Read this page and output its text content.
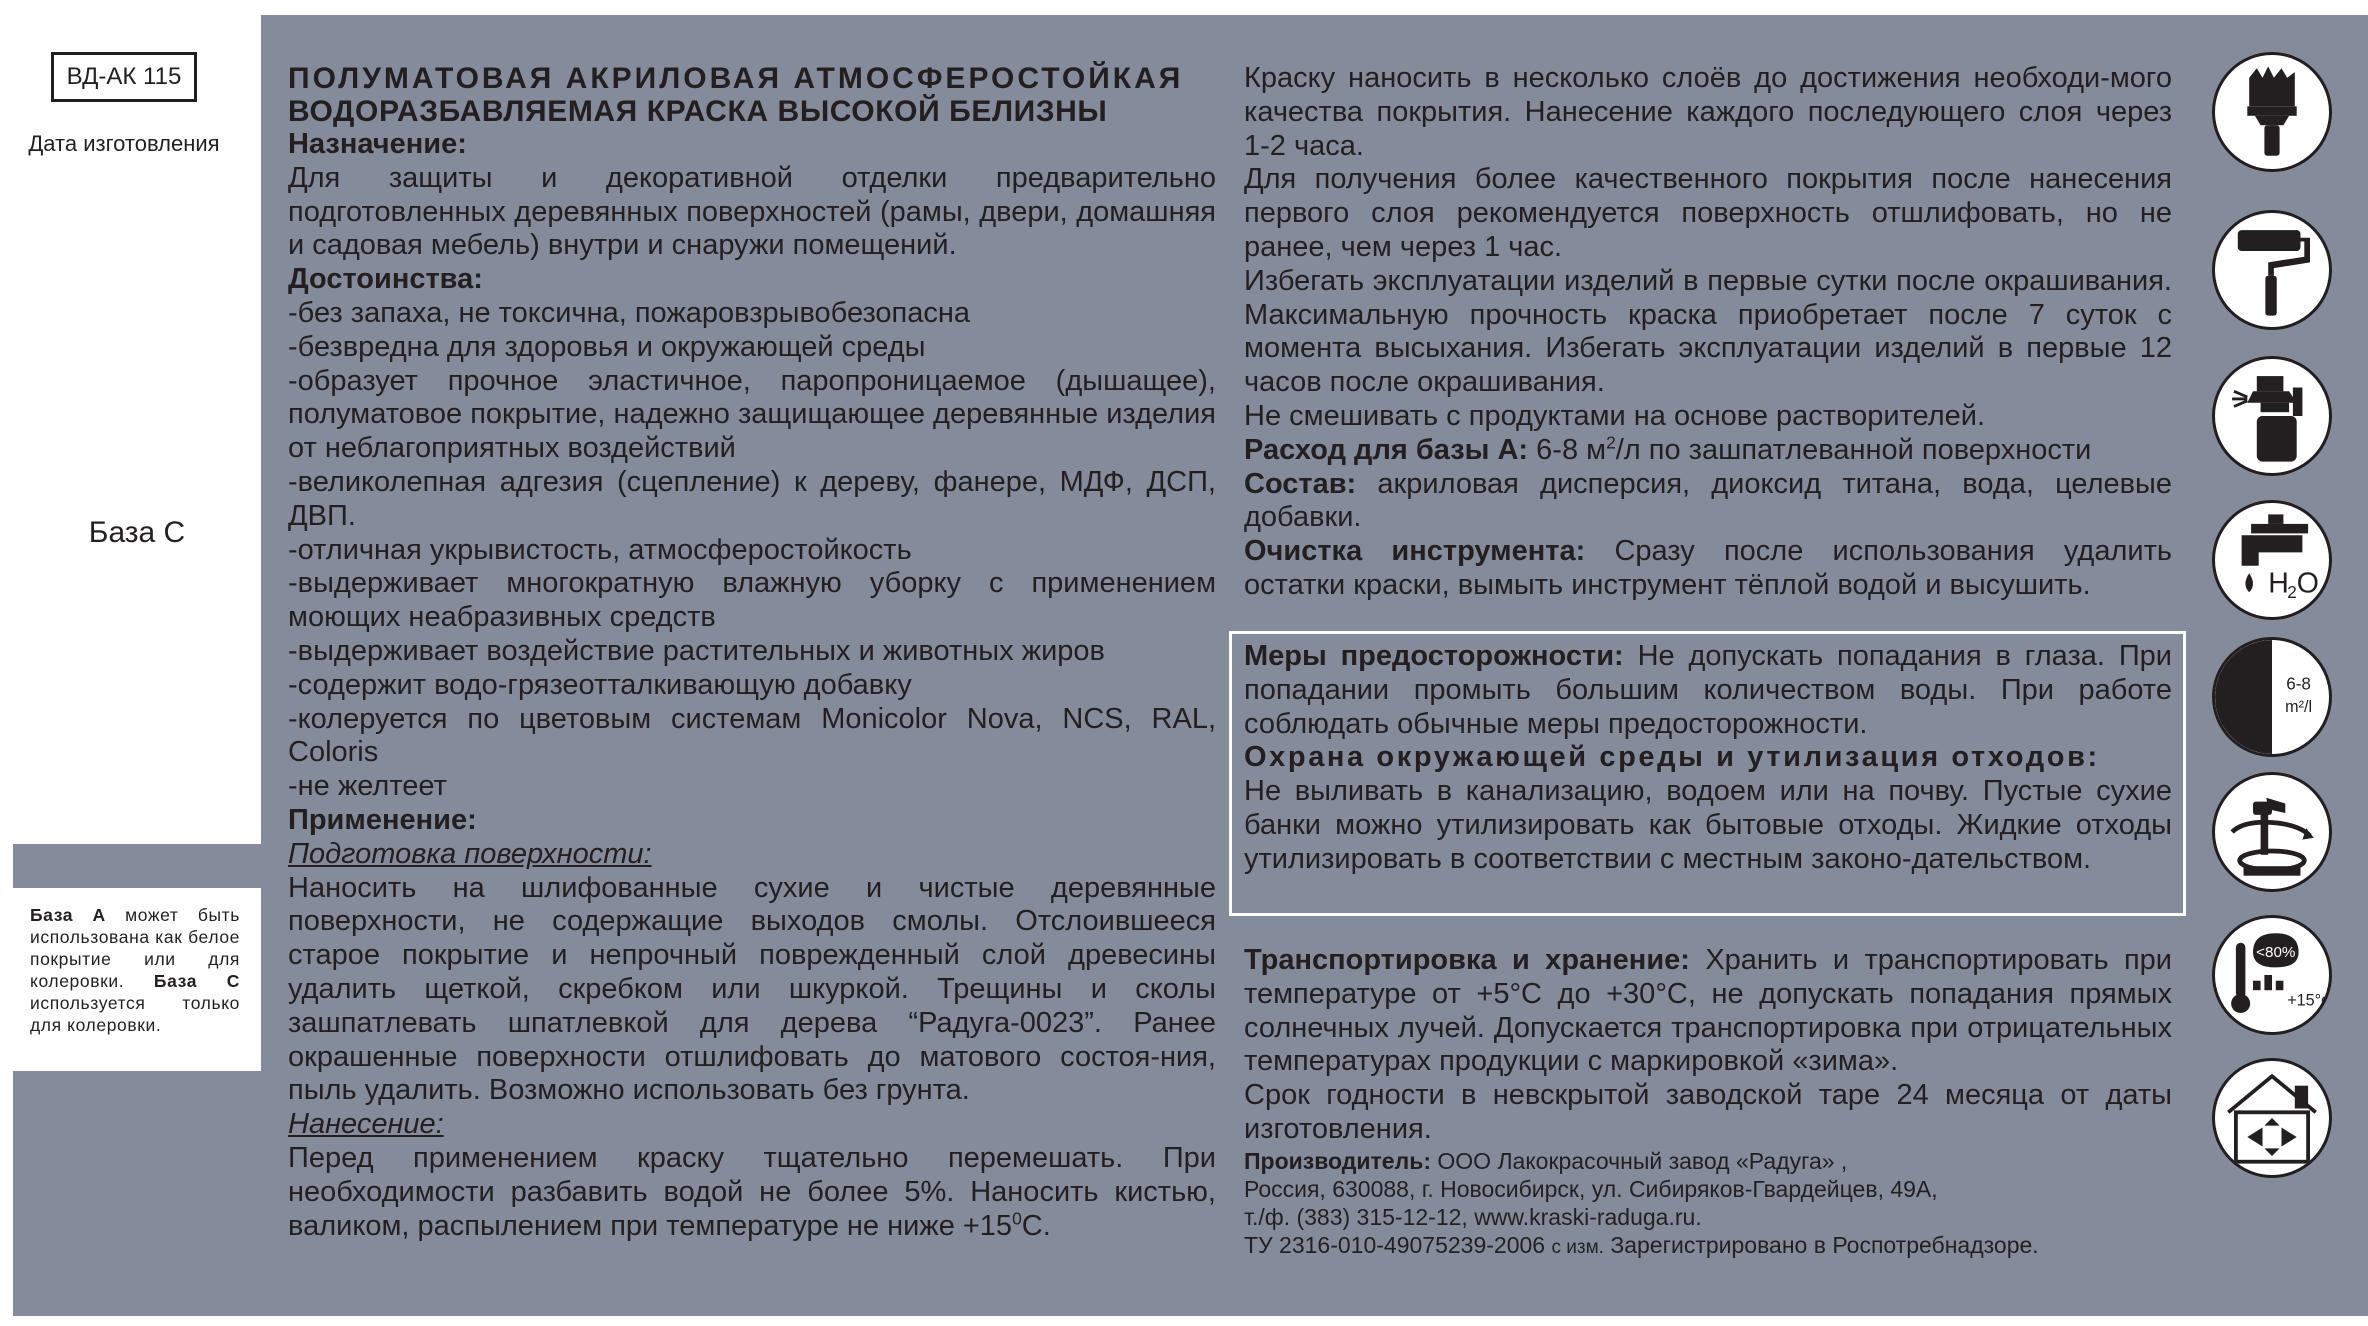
ВД-АК 115
Дата изготовления
База С
База А может быть использована как белое покрытие или для колеровки. База С используется только для колеровки.

ПОЛУМАТОВАЯ АКРИЛОВАЯ АТМОСФЕРОСТОЙКАЯ

ВОДОРАЗБАВЛЯЕМАЯ КРАСКА ВЫСОКОЙ БЕЛИЗНЫ

Назначение:

Для защиты и декоративной отделки предварительно подготовленных деревянных поверхностей (рамы, двери, домашняя и садовая мебель) внутри и снаружи помещений.

Достоинства:

-без запаха, не токсична, пожаровзрывобезопасна

-безвредна для здоровья и окружающей среды

-образует прочное эластичное, паропроницаемое (дышащее), полуматовое покрытие, надежно защищающее деревянные изделия от неблагоприятных воздействий

-великолепная адгезия (сцепление) к дереву, фанере, МДФ, ДСП, ДВП.

-отличная укрывистость, атмосферостойкость

-выдерживает многократную влажную уборку с применением моющих неабразивных средств

-выдерживает воздействие растительных и животных жиров

-содержит водо-грязеотталкивающую добавку

-колеруется по цветовым системам Monicolor Nova, NCS, RAL, Coloris

-не желтеет

Применение:

Подготовка поверхности:

Наносить на шлифованные сухие и чистые деревянные поверхности, не содержащие выходов смолы. Отслоившееся старое покрытие и непрочный поврежденный слой древесины удалить щеткой, скребком или шкуркой. Трещины и сколы зашпатлевать шпатлевкой для дерева “Радуга-0023”. Ранее окрашенные поверхности отшлифовать до матового состоя-ния, пыль удалить. Возможно использовать без грунта.

Нанесение:

Перед применением краску тщательно перемешать. При необходимости разбавить водой не более 5%. Наносить кистью, валиком, распылением при температуре не ниже $+15^0С$.

Краску наносить в несколько слоёв до достижения необходи-мого качества покрытия. Нанесение каждого последующего слоя через 1-2 часа.

Для получения более качественного покрытия после нанесения первого слоя рекомендуется поверхность отшлифовать, но не ранее, чем через 1 час.

Избегать эксплуатации изделий в первые сутки после окрашивания. Максимальную прочность краска приобретает после 7 суток с момента высыхания. Избегать эксплуатации изделий в первые 12 часов после окрашивания.

Не смешивать с продуктами на основе растворителей.

Расход для базы А: 6-8 $м^2/л$ по зашпатлеванной поверхности

Состав: акриловая дисперсия, диоксид титана, вода, целевые добавки.

Очистка инструмента: Сразу после использования удалить остатки краски, вымыть инструмент тёплой водой и высушить.

Меры предосторожности: Не допускать попадания в глаза. При попадании промыть большим количеством воды. При работе соблюдать обычные меры предосторожности.

Охрана окружающей среды и утилизация отходов:

Не выливать в канализацию, водоем или на почву. Пустые сухие банки можно утилизировать как бытовые отходы. Жидкие отходы утилизировать в соответствии с местным законо-дательством.

Транспортировка и хранение: Хранить и транспортировать при температуре от +5°С до +30°С, не допускать попадания прямых солнечных лучей. Допускается транспортировка при отрицательных температурах продукции с маркировкой «зима».

Срок годности в невскрытой заводской таре 24 месяца от даты изготовления.

Производитель: ООО Лакокрасочный завод «Радуга» ,

Россия, 630088, г. Новосибирск, ул. Сибиряков-Гвардейцев, 49А,

т./ф. (383) 315-12-12, www.kraski-raduga.ru.

ТУ 2316-010-49075239-2006 с изм. Зарегистрировано в Роспотребнадзоре.

H
2 O
6-8
m²/l
<80%
+15°c
